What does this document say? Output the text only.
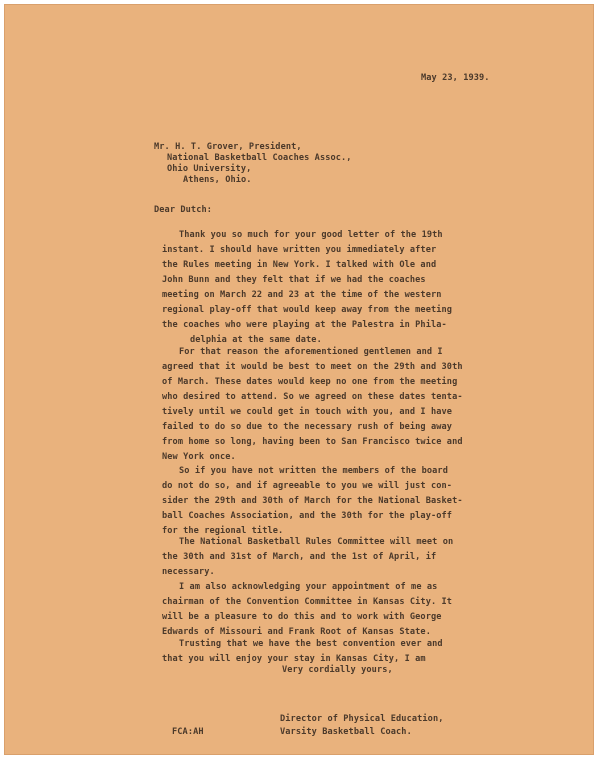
May 23, 1939.

Mr. H. T. Grover, President,
National Basketball Coaches Assoc.,
Ohio University,
Athens, Ohio.

Dear Dutch:

Thank you so much for your good letter of the 19th
instant. I should have written you immediately after
the Rules meeting in New York. I talked with Ole and
John Bunn and they felt that if we had the coaches
meeting on March 22 and 23 at the time of the western
regional play-off that would keep away from the meeting
the coaches who were playing at the Palestra in Phila-
delphia at the same date.
For that reason the aforementioned gentlemen and I
agreed that it would be best to meet on the 29th and 30th
of March. These dates would keep no one from the meeting
who desired to attend. So we agreed on these dates tenta-
tively until we could get in touch with you, and I have
failed to do so due to the necessary rush of being away
from home so long, having been to San Francisco twice and
New York once.
So if you have not written the members of the board
do not do so, and if agreeable to you we will just con-
sider the 29th and 30th of March for the National Basket-
ball Coaches Association, and the 30th for the play-off
for the regional title.
The National Basketball Rules Committee will meet on
the 30th and 31st of March, and the 1st of April, if
necessary.
I am also acknowledging your appointment of me as
chairman of the Convention Committee in Kansas City. It
will be a pleasure to do this and to work with George
Edwards of Missouri and Frank Root of Kansas State.
Trusting that we have the best convention ever and
that you will enjoy your stay in Kansas City, I am

Very cordially yours,

Director of Physical Education,
Varsity Basketball Coach.

FCA:AH
